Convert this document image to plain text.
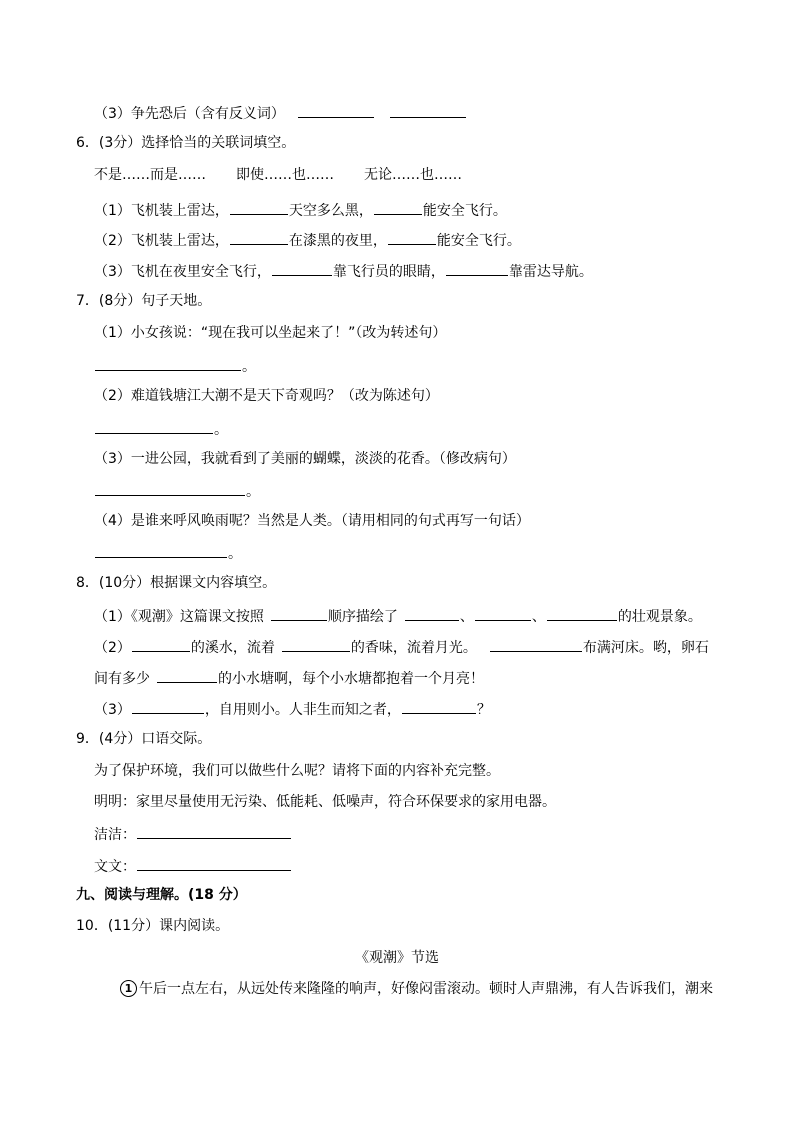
（3）争先恐后（含有反义词）
6．(3分）选择恰当的关联词填空。
不是……而是…… 即使……也…… 无论……也……
（1）飞机装上雷达，	天空多么黑，	能安全飞行。
（2）飞机装上雷达，	在漆黑的夜里，	能安全飞行。
（3）飞机在夜里安全飞行，	靠飞行员的眼睛，	靠雷达导航。
7．(8分）句子天地。
（1）小女孩说：“现在我可以坐起来了！”（改为转述句）
。
（2）难道钱塘江大潮不是天下奇观吗？（改为陈述句）
。
（3）一进公园，我就看到了美丽的蝴蝶，淡淡的花香。（修改病句）
。
（4）是谁来呼风唤雨呢？当然是人类。（请用相同的句式再写一句话）
。
8．(10分）根据课文内容填空。
（1）《观潮》这篇课文按照	顺序描绘了	、	、	的壮观景象。
（2）	的溪水，流着	的香味，流着月光。	布满河床。哟，卵石
间有多少	的小水塘啊，每个小水塘都抱着一个月亮！
（3）	，自用则小。人非生而知之者，	？
9．(4分）口语交际。
为了保护环境，我们可以做些什么呢？请将下面的内容补充完整。
明明：家里尽量使用无污染、低能耗、低噪声，符合环保要求的家用电器。
洁洁：
文文：
九、阅读与理解。(18 分）
10．(11分）课内阅读。
《观潮》节选
1 午后一点左右，从远处传来隆隆的响声，好像闷雷滚动。顿时人声鼎沸，有人告诉我们，潮来
